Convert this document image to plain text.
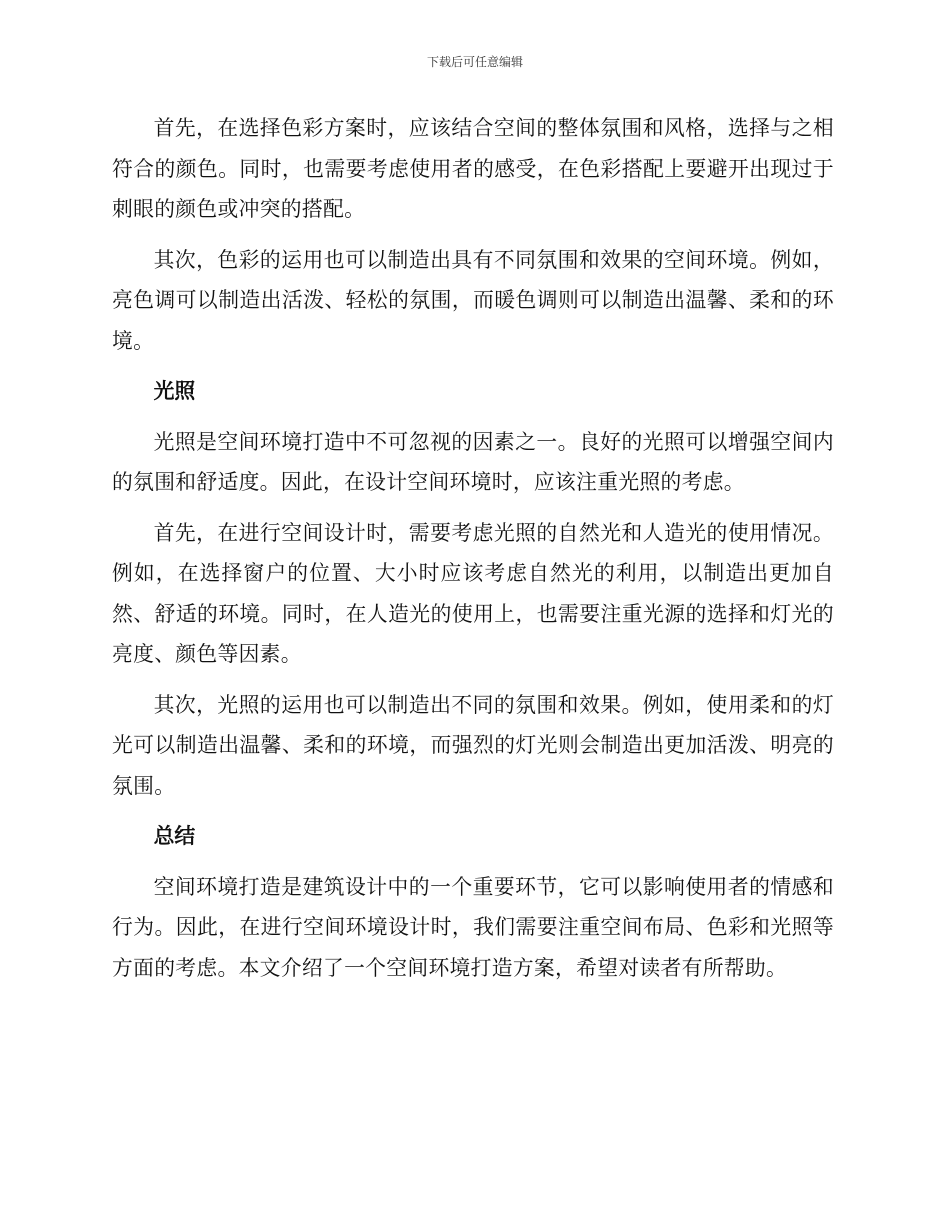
下载后可任意编辑

首先，在选择色彩方案时，应该结合空间的整体氛围和风格，选择与之相符合的颜色。同时，也需要考虑使用者的感受，在色彩搭配上要避开出现过于刺眼的颜色或冲突的搭配。

其次，色彩的运用也可以制造出具有不同氛围和效果的空间环境。例如，亮色调可以制造出活泼、轻松的氛围，而暖色调则可以制造出温馨、柔和的环境。

光照

光照是空间环境打造中不可忽视的因素之一。良好的光照可以增强空间内的氛围和舒适度。因此，在设计空间环境时，应该注重光照的考虑。

首先，在进行空间设计时，需要考虑光照的自然光和人造光的使用情况。例如，在选择窗户的位置、大小时应该考虑自然光的利用，以制造出更加自然、舒适的环境。同时，在人造光的使用上，也需要注重光源的选择和灯光的亮度、颜色等因素。

其次，光照的运用也可以制造出不同的氛围和效果。例如，使用柔和的灯光可以制造出温馨、柔和的环境，而强烈的灯光则会制造出更加活泼、明亮的氛围。

总结

空间环境打造是建筑设计中的一个重要环节，它可以影响使用者的情感和行为。因此，在进行空间环境设计时，我们需要注重空间布局、色彩和光照等方面的考虑。本文介绍了一个空间环境打造方案，希望对读者有所帮助。
